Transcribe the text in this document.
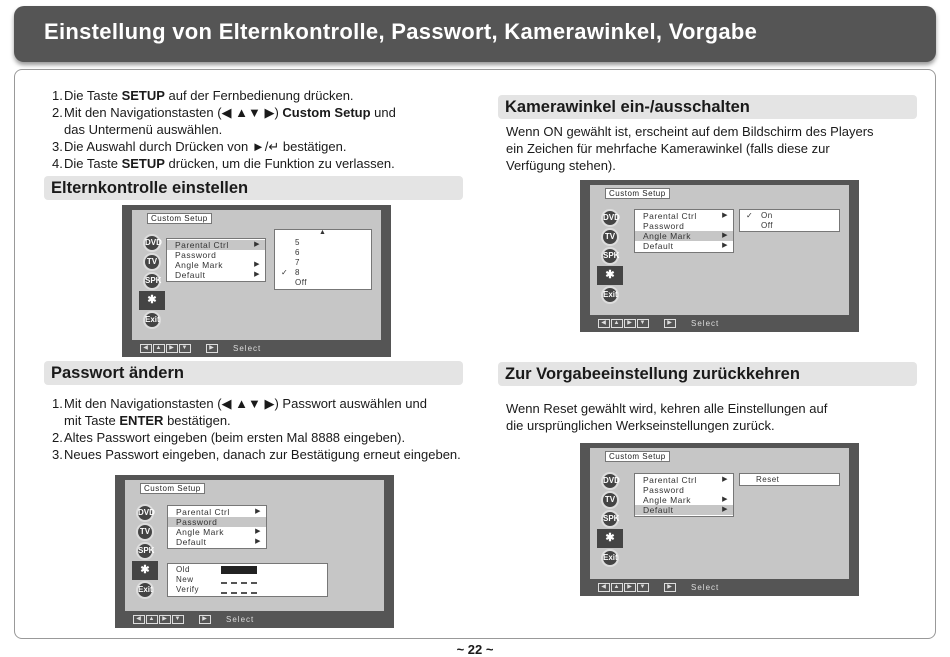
Einstellung von Elternkontrolle, Passwort, Kamerawinkel, Vorgabe
1. Die Taste SETUP auf der Fernbedienung drücken.
2. Mit den Navigationstasten (◀ ▲▼ ▶) Custom Setup und
das Untermenü auswählen.
3. Die Auswahl durch Drücken von ►/↵ bestätigen.
4. Die Taste SETUP drücken, um die Funktion zu verlassen.
Elternkontrolle einstellen
Passwort ändern
Kamerawinkel ein-/ausschalten
Zur Vorgabeeinstellung zurückkehren
1. Mit den Navigationstasten (◀ ▲▼ ▶) Passwort auswählen und
mit Taste ENTER bestätigen.
2. Altes Passwort eingeben (beim ersten Mal 8888 eingeben).
3. Neues Passwort eingeben, danach zur Bestätigung erneut eingeben.
Wenn ON gewählt ist, erscheint auf dem Bildschirm des Players
ein Zeichen für mehrfache Kamerawinkel (falls diese zur
Verfügung stehen).
Wenn Reset gewählt wird, kehren alle Einstellungen auf
die ursprünglichen Werkseinstellungen zurück.
Custom Setup
DVD
TV
SPK
✱
Exit
Parental Ctrl	▶
Password
Angle Mark	▶
Default	▶
▲
5
6
7
✓ 8
Off
◀	▲	▶	▼	▶	Select
Custom Setup
DVD
TV
SPK
✱
Exit
Parental Ctrl	▶
Password
Angle Mark	▶
Default	▶
Old
New
Verify
◀	▲	▶	▼	▶	Select
Custom Setup
DVD
TV
SPK
✱
Exit
Parental Ctrl	▶
Password
Angle Mark	▶
Default	▶
✓ On
Off
◀	▲	▶	▼	▶	Select
Custom Setup
DVD
TV
SPK
✱
Exit
Parental Ctrl	▶
Password
Angle Mark	▶
Default	▶
Reset
◀	▲	▶	▼	▶	Select
~ 22 ~
